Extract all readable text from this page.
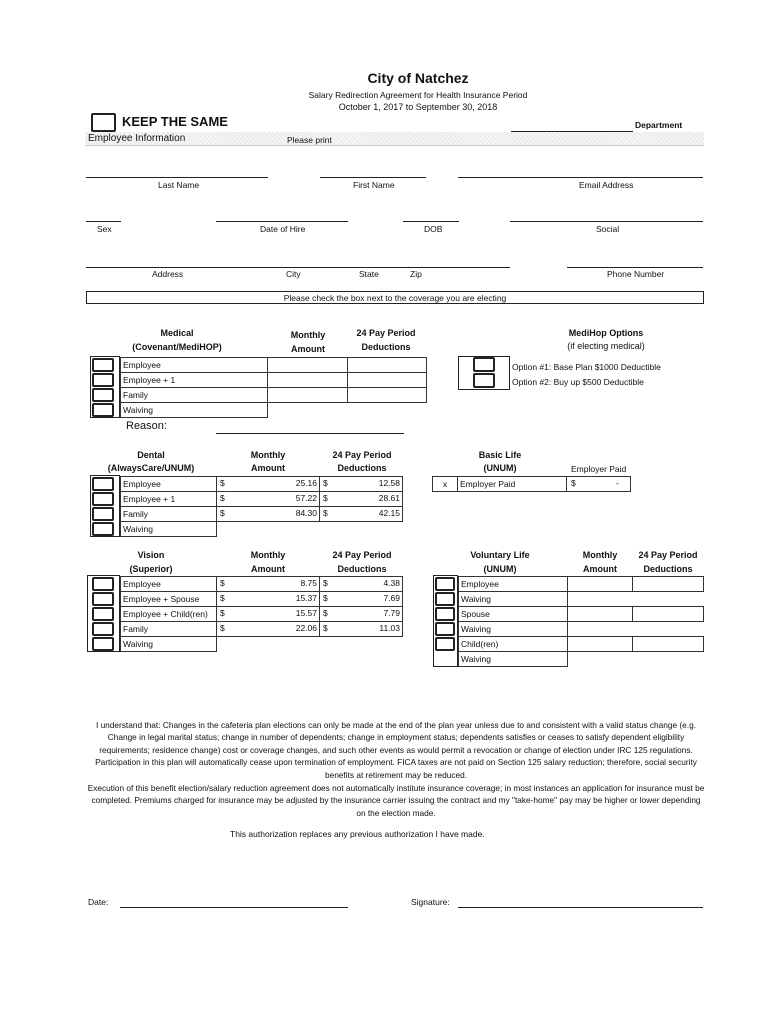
City of Natchez
Salary Redirection Agreement for Health Insurance Period
October 1, 2017 to September 30, 2018
KEEP THE SAME	Department
Employee Information	Please print
Last Name	First Name	Email Address
Sex	Date of Hire	DOB	Social
Address	City	State	Zip	Phone Number
Please check the box next to the coverage you are electing
Medical
(Covenant/MediHOP)
Monthly
Amount
24 Pay Period
Deductions
Employee
Employee + 1
Family
Waiving
Reason:
MediHop Options
(if electing medical)
Option #1: Base Plan $1000 Deductible
Option #2: Buy up $500 Deductible
Dental
(AlwaysCare/UNUM)
Monthly
Amount
24 Pay Period
Deductions
Employee	$	25.16 $	12.58
Employee + 1	$	57.22 $	28.61
Family	$	84.30 $	42.15
Waiving
Basic Life
(UNUM)	Employer Paid
x	Employer Paid	$	-
Vision
(Superior)
Monthly
Amount
24 Pay Period
Deductions
Employee	$	8.75 $	4.38
Employee + Spouse	$	15.37 $	7.69
Employee + Child(ren)	$	15.57 $	7.79
Family	$	22.06 $	11.03
Waiving
Voluntary Life
(UNUM)
Monthly
Amount
24 Pay Period
Deductions
Employee
Waiving
Spouse
Waiving
Child(ren)
Waiving
I understand that: Changes in the cafeteria plan elections can only be made at the end of the plan year unless due to and consistent with a valid status change (e.g. Change in legal marital status; change in number of dependents; change in employment status; dependents satisfies or ceases to satisfy dependent eligibility requirements; residence change) cost or coverage changes, and such other events as would permit a revocation or change of election under IRC 125 regulations. Participation in this plan will automatically cease upon termination of employment. FICA taxes are not paid on Section 125 salary reduction; therefore, social security benefits at retirement may be reduced.
Execution of this benefit election/salary reduction agreement does not automatically institute insurance coverage; in most instances an application for insurance must be completed. Premiums charged for insurance may be adjusted by the insurance carrier issuing the contract and my "take-home" pay may be higher or lower depending on the election made.
This authorization replaces any previous authorization I have made.
Date:	Signature:
